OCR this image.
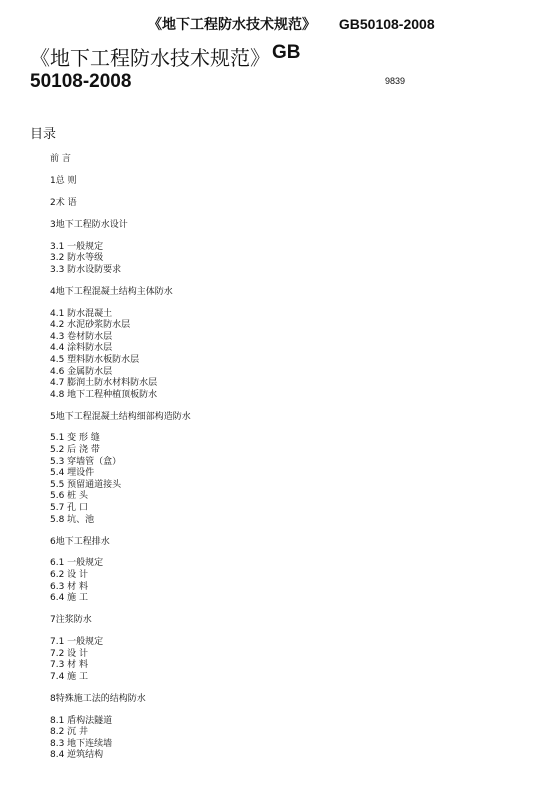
《地下工程防水技术规范》 GB50108-2008
《地下工程防水技术规范》 GB
50108-2008	9839
目录
前 言
1总 则
2术 语
3地下工程防水设计
3.1 一般规定
3.2 防水等级
3.3 防水设防要求
4地下工程混凝土结构主体防水
4.1 防水混凝土
4.2 水泥砂浆防水层
4.3 卷材防水层
4.4 涂料防水层
4.5 塑料防水板防水层
4.6 金属防水层
4.7 膨润土防水材料防水层
4.8 地下工程种植顶板防水
5地下工程混凝土结构细部构造防水
5.1 变 形 缝
5.2 后 浇 带
5.3 穿墙管（盒）
5.4 埋设件
5.5 预留通道接头
5.6 桩 头
5.7 孔 口
5.8 坑、池
6地下工程排水
6.1 一般规定
6.2 设 计
6.3 材 料
6.4 施 工
7注浆防水
7.1 一般规定
7.2 设 计
7.3 材 料
7.4 施 工
8特殊施工法的结构防水
8.1 盾构法隧道
8.2 沉 井
8.3 地下连续墙
8.4 逆筑结构
